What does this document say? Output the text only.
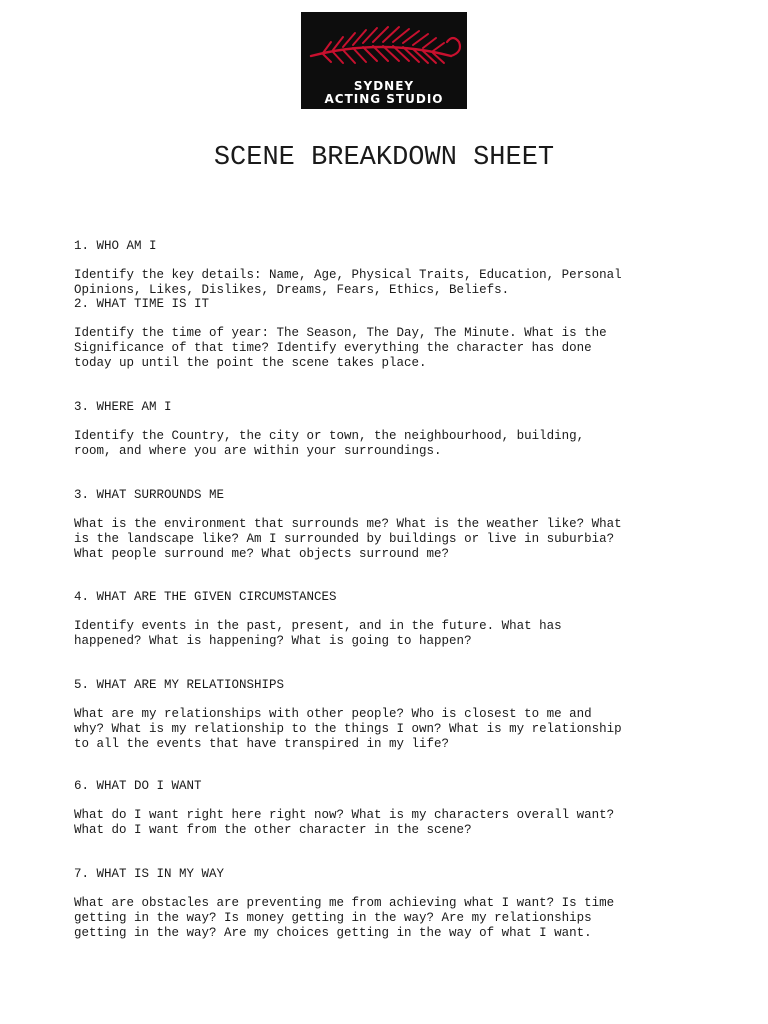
SYDNEY
ACTING STUDIO
SCENE BREAKDOWN SHEET

1. WHO AM I

Identify the key details: Name, Age, Physical Traits, Education, Personal
Opinions, Likes, Dislikes, Dreams, Fears, Ethics, Beliefs.

2. WHAT TIME IS IT

Identify the time of year: The Season, The Day, The Minute. What is the
Significance of that time? Identify everything the character has done
today up until the point the scene takes place.

3. WHERE AM I

Identify the Country, the city or town, the neighbourhood, building,
room, and where you are within your surroundings.

3. WHAT SURROUNDS ME

What is the environment that surrounds me? What is the weather like? What
is the landscape like? Am I surrounded by buildings or live in suburbia?
What people surround me? What objects surround me?

4. WHAT ARE THE GIVEN CIRCUMSTANCES

Identify events in the past, present, and in the future. What has
happened? What is happening? What is going to happen?

5. WHAT ARE MY RELATIONSHIPS

What are my relationships with other people? Who is closest to me and
why? What is my relationship to the things I own? What is my relationship
to all the events that have transpired in my life?

6. WHAT DO I WANT

What do I want right here right now? What is my characters overall want?
What do I want from the other character in the scene?

7. WHAT IS IN MY WAY

What are obstacles are preventing me from achieving what I want? Is time
getting in the way? Is money getting in the way? Are my relationships
getting in the way? Are my choices getting in the way of what I want.
